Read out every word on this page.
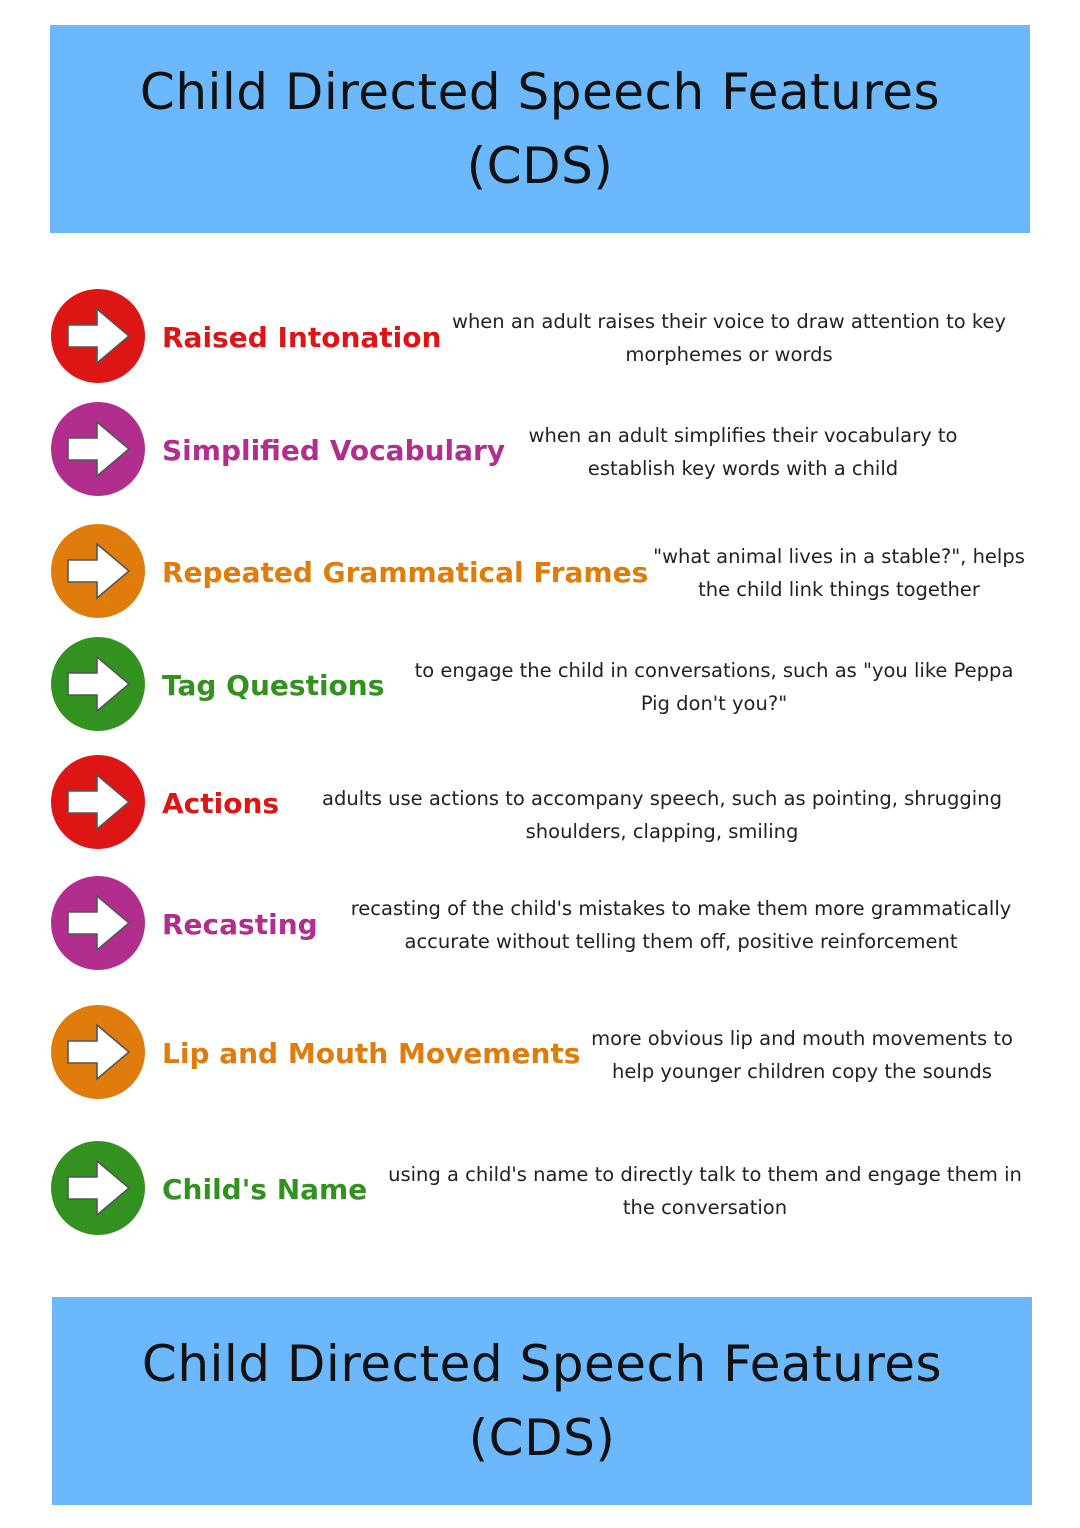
Child Directed Speech Features
(CDS)
Raised Intonation when an adult raises their voice to draw attention to key
morphemes or words
Simplified Vocabulary	when an adult simplifies their vocabulary to
establish key words with a child
Repeated Grammatical Frames "what animal lives in a stable?", helps
the child link things together
Tag Questions	to engage the child in conversations, such as "you like Peppa
Pig don't you?"
Actions	adults use actions to accompany speech, such as pointing, shrugging
shoulders, clapping, smiling
Recasting	recasting of the child's mistakes to make them more grammatically
accurate without telling them off, positive reinforcement
Lip and Mouth Movements more obvious lip and mouth movements to
help younger children copy the sounds
Child's Name	using a child's name to directly talk to them and engage them in
the conversation
Child Directed Speech Features
(CDS)
